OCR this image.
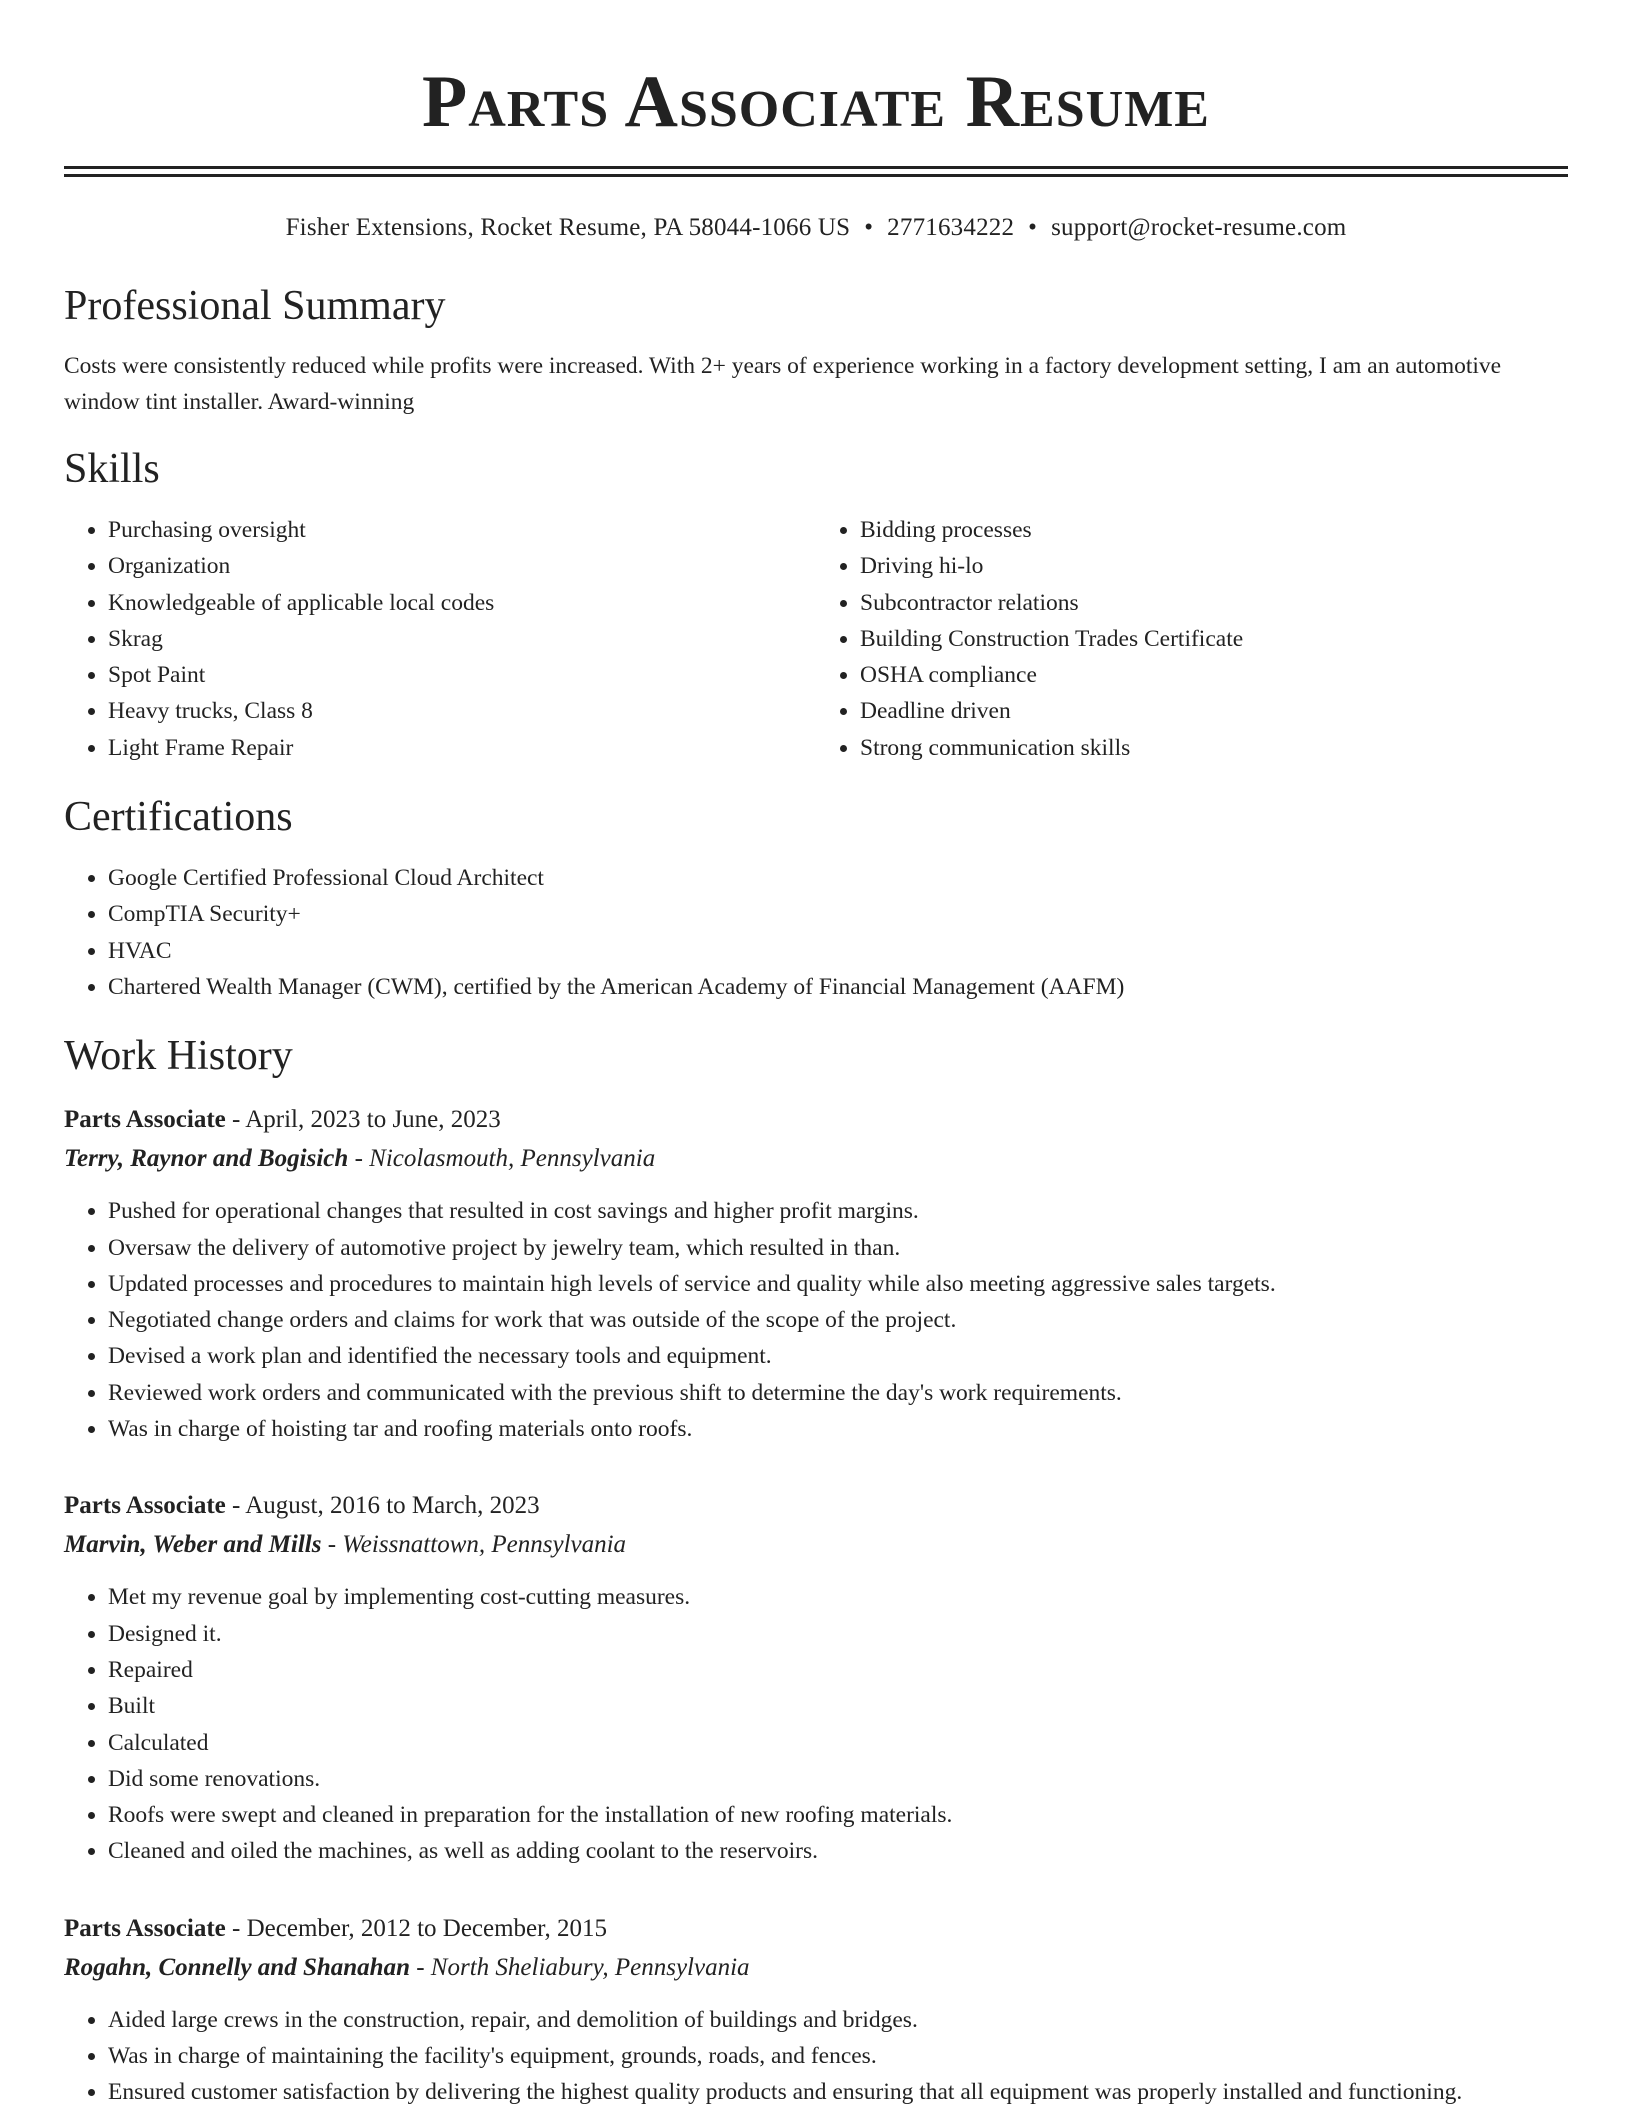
Parts Associate Resume
Fisher Extensions, Rocket Resume, PA 58044-1066 US • 2771634222 • support@rocket-resume.com
Professional Summary
Costs were consistently reduced while profits were increased. With 2+ years of experience working in a factory development setting, I am an automotive window tint installer. Award-winning
Skills
• Purchasing oversight
• Organization
• Knowledgeable of applicable local codes
• Skrag
• Spot Paint
• Heavy trucks, Class 8
• Light Frame Repair
• Bidding processes
• Driving hi-lo
• Subcontractor relations
• Building Construction Trades Certificate
• OSHA compliance
• Deadline driven
• Strong communication skills
Certifications
• Google Certified Professional Cloud Architect
• CompTIA Security+
• HVAC
• Chartered Wealth Manager (CWM), certified by the American Academy of Financial Management (AAFM)
Work History
Parts Associate - April, 2023 to June, 2023
Terry, Raynor and Bogisich - Nicolasmouth, Pennsylvania
• Pushed for operational changes that resulted in cost savings and higher profit margins.
• Oversaw the delivery of automotive project by jewelry team, which resulted in than.
• Updated processes and procedures to maintain high levels of service and quality while also meeting aggressive sales targets.
• Negotiated change orders and claims for work that was outside of the scope of the project.
• Devised a work plan and identified the necessary tools and equipment.
• Reviewed work orders and communicated with the previous shift to determine the day's work requirements.
• Was in charge of hoisting tar and roofing materials onto roofs.
Parts Associate - August, 2016 to March, 2023
Marvin, Weber and Mills - Weissnattown, Pennsylvania
• Met my revenue goal by implementing cost-cutting measures.
• Designed it.
• Repaired
• Built
• Calculated
• Did some renovations.
• Roofs were swept and cleaned in preparation for the installation of new roofing materials.
• Cleaned and oiled the machines, as well as adding coolant to the reservoirs.
Parts Associate - December, 2012 to December, 2015
Rogahn, Connelly and Shanahan - North Sheliabury, Pennsylvania
• Aided large crews in the construction, repair, and demolition of buildings and bridges.
• Was in charge of maintaining the facility's equipment, grounds, roads, and fences.
• Ensured customer satisfaction by delivering the highest quality products and ensuring that all equipment was properly installed and functioning.
